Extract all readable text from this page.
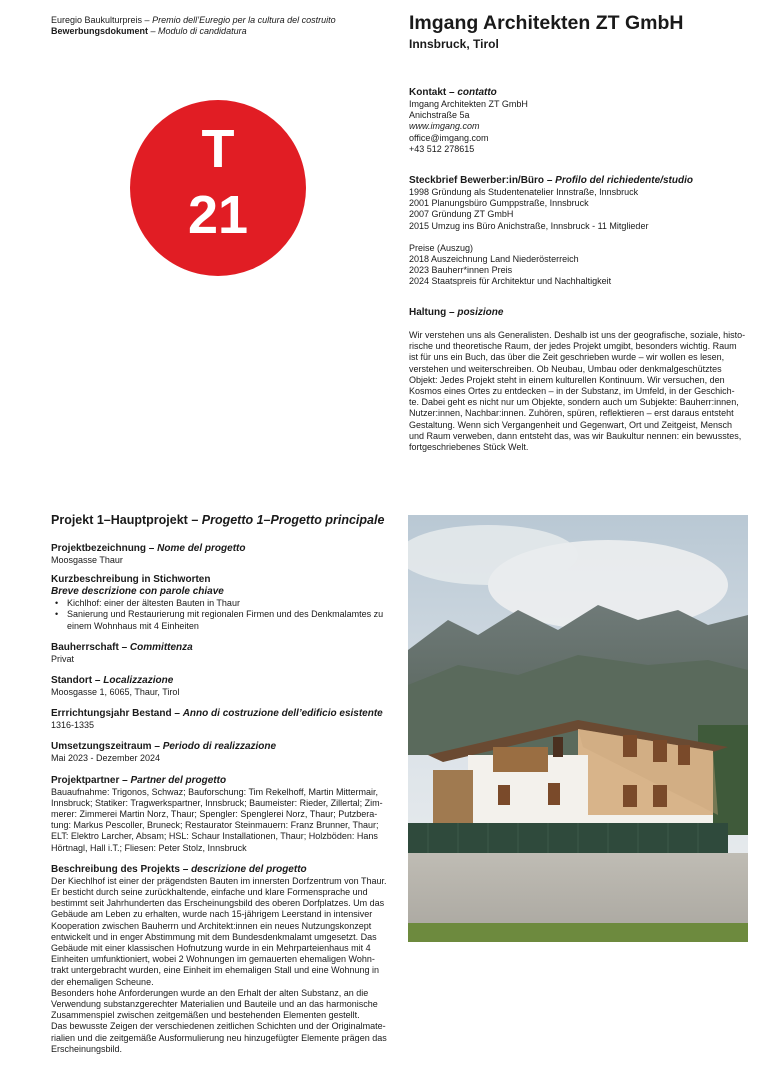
Euregio Baukulturpreis – Premio dell’Euregio per la cultura del costruito
Bewerbungsdokument – Modulo di candidatura	Imgang Architekten ZT GmbH
Innsbruck, Tirol
T
21
Kontakt – contatto
Imgang Architekten ZT GmbH
Anichstraße 5a
www.imgang.com
office@imgang.com
+43 512 278615
Steckbrief Bewerber:in/Büro – Profilo del richiedente/studio
1998 Gründung als Studentenatelier Innstraße, Innsbruck
2001 Planungsbüro Gumppstraße, Innsbruck
2007 Gründung ZT GmbH
2015 Umzug ins Büro Anichstraße, Innsbruck - 11 Mitglieder
Preise (Auszug)
2018 Auszeichnung Land Niederösterreich
2023 Bauherr*innen Preis
2024 Staatspreis für Architektur und Nachhaltigkeit
Haltung – posizione
Wir verstehen uns als Generalisten. Deshalb ist uns der geografische, soziale, histo-
rische und theoretische Raum, der jedes Projekt umgibt, besonders wichtig. Raum
ist für uns ein Buch, das über die Zeit geschrieben wurde – wir wollen es lesen,
verstehen und weiterschreiben. Ob Neubau, Umbau oder denkmalgeschütztes
Objekt: Jedes Projekt steht in einem kulturellen Kontinuum. Wir versuchen, den
Kosmos eines Ortes zu entdecken – in der Substanz, im Umfeld, in der Geschich-
te. Dabei geht es nicht nur um Objekte, sondern auch um Subjekte: Bauherr:innen,
Nutzer:innen, Nachbar:innen. Zuhören, spüren, reflektieren – erst daraus entsteht
Gestaltung. Wenn sich Vergangenheit und Gegenwart, Ort und Zeitgeist, Mensch
und Raum verweben, dann entsteht das, was wir Baukultur nennen: ein bewusstes,
fortgeschriebenes Stück Welt.
Projekt 1–Hauptprojekt – Progetto 1–Progetto principale
Projektbezeichnung – Nome del progetto
Moosgasse Thaur
Kurzbeschreibung in Stichworten
Breve descrizione con parole chiave
• Kichlhof: einer der ältesten Bauten in Thaur
• Sanierung und Restaurierung mit regionalen Firmen und des Denkmalamtes zu
einem Wohnhaus mit 4 Einheiten
Bauherrschaft – Committenza
Privat
Standort – Localizzazione
Moosgasse 1, 6065, Thaur, Tirol
Errrichtungsjahr Bestand – Anno di costruzione dell’edificio esistente
1316-1335
Umsetzungszeitraum – Periodo di realizzazione
Mai 2023 - Dezember 2024
Projektpartner – Partner del progetto
Bauaufnahme: Trigonos, Schwaz; Bauforschung: Tim Rekelhoff, Martin Mittermair,
Innsbruck; Statiker: Tragwerkspartner, Innsbruck; Baumeister: Rieder, Zillertal; Zim-
merer: Zimmerei Martin Norz, Thaur; Spengler: Spenglerei Norz, Thaur; Putzbera-
tung: Markus Pescoller, Bruneck; Restaurator Steinmauern: Franz Brunner, Thaur;
ELT: Elektro Larcher, Absam; HSL: Schaur Installationen, Thaur; Holzböden: Hans
Hörtnagl, Hall i.T.; Fliesen: Peter Stolz, Innsbruck
Beschreibung des Projekts – descrizione del progetto
Der Kiechlhof ist einer der prägendsten Bauten im innersten Dorfzentrum von Thaur.
Er besticht durch seine zurückhaltende, einfache und klare Formensprache und
bestimmt seit Jahrhunderten das Erscheinungsbild des oberen Dorfplatzes. Um das
Gebäude am Leben zu erhalten, wurde nach 15-jährigem Leerstand in intensiver
Kooperation zwischen Bauherrn und Architekt:innen ein neues Nutzungskonzept
entwickelt und in enger Abstimmung mit dem Bundesdenkmalamt umgesetzt. Das
Gebäude mit einer klassischen Hofnutzung wurde in ein Mehrparteienhaus mit 4
Einheiten umfunktioniert, wobei 2 Wohnungen im gemauerten ehemaligen Wohn-
trakt untergebracht wurden, eine Einheit im ehemaligen Stall und eine Wohnung in
der ehemaligen Scheune.
Besonders hohe Anforderungen wurde an den Erhalt der alten Substanz, an die
Verwendung substanzgerechter Materialien und Bauteile und an das harmonische
Zusammenspiel zwischen zeitgemäßen und bestehenden Elementen gestellt.
Das bewusste Zeigen der verschiedenen zeitlichen Schichten und der Originalmate-
rialien und die zeitgemäße Ausformulierung neu hinzugefügter Elemente prägen das
Erscheinungsbild.
